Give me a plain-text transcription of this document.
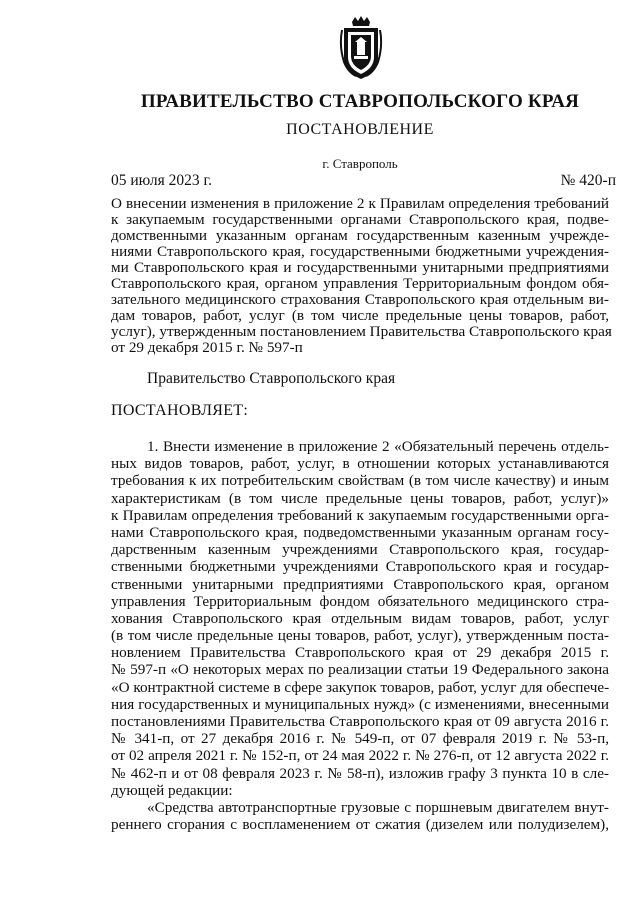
ПРАВИТЕЛЬСТВО СТАВРОПОЛЬСКОГО КРАЯ
ПОСТАНОВЛЕНИЕ
г. Ставрополь
05 июля 2023 г.	№ 420-п
О внесении изменения в приложение 2 к Правилам определения требований
к закупаемым государственными органами Ставропольского края, подве-
домственными указанным органам государственным казенным учрежде-
ниями Ставропольского края, государственными бюджетными учреждения-
ми Ставропольского края и государственными унитарными предприятиями
Ставропольского края, органом управления Территориальным фондом обя-
зательного медицинского страхования Ставропольского края отдельным ви-
дам товаров, работ, услуг (в том числе предельные цены товаров, работ,
услуг), утвержденным постановлением Правительства Ставропольского края
от 29 декабря 2015 г. № 597-п
Правительство Ставропольского края
ПОСТАНОВЛЯЕТ:
1. Внести изменение в приложение 2 «Обязательный перечень отдель-
ных видов товаров, работ, услуг, в отношении которых устанавливаются
требования к их потребительским свойствам (в том числе качеству) и иным
характеристикам (в том числе предельные цены товаров, работ, услуг)»
к Правилам определения требований к закупаемым государственными орга-
нами Ставропольского края, подведомственными указанным органам госу-
дарственным казенным учреждениями Ставропольского края, государ-
ственными бюджетными учреждениями Ставропольского края и государ-
ственными унитарными предприятиями Ставропольского края, органом
управления Территориальным фондом обязательного медицинского стра-
хования Ставропольского края отдельным видам товаров, работ, услуг
(в том числе предельные цены товаров, работ, услуг), утвержденным поста-
новлением Правительства Ставропольского края от 29 декабря 2015 г.
№ 597-п «О некоторых мерах по реализации статьи 19 Федерального закона
«О контрактной системе в сфере закупок товаров, работ, услуг для обеспече-
ния государственных и муниципальных нужд» (с изменениями, внесенными
постановлениями Правительства Ставропольского края от 09 августа 2016 г.
№ 341-п, от 27 декабря 2016 г. № 549-п, от 07 февраля 2019 г. № 53-п,
от 02 апреля 2021 г. № 152-п, от 24 мая 2022 г. № 276-п, от 12 августа 2022 г.
№ 462-п и от 08 февраля 2023 г. № 58-п), изложив графу 3 пункта 10 в сле-
дующей редакции:
«Средства автотранспортные грузовые с поршневым двигателем внут-
реннего сгорания с воспламенением от сжатия (дизелем или полудизелем),
